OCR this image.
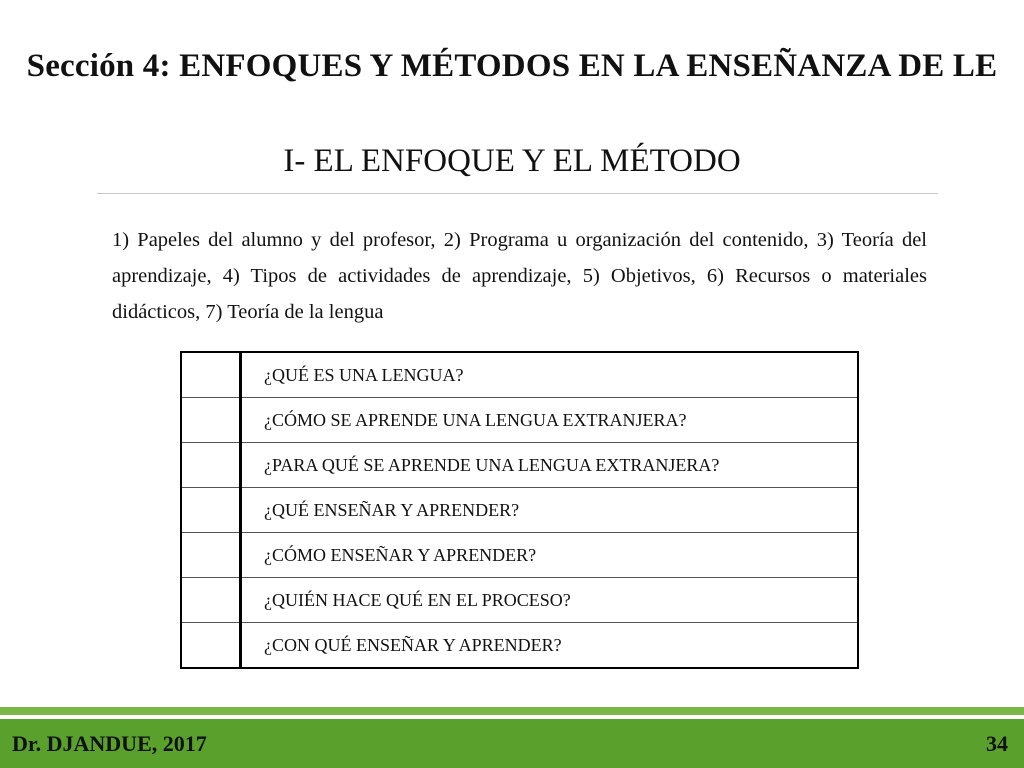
Sección 4: ENFOQUES Y MÉTODOS EN LA ENSEÑANZA DE LE
I- EL ENFOQUE Y EL MÉTODO

1) Papeles del alumno y del profesor, 2) Programa u organización del contenido, 3) Teoría del aprendizaje, 4) Tipos de actividades de aprendizaje, 5) Objetivos, 6) Recursos o materiales didácticos, 7) Teoría de la lengua

	¿QUÉ ES UNA LENGUA?
	¿CÓMO SE APRENDE UNA LENGUA EXTRANJERA?
	¿PARA QUÉ SE APRENDE UNA LENGUA EXTRANJERA?
	¿QUÉ ENSEÑAR Y APRENDER?
	¿CÓMO ENSEÑAR Y APRENDER?
	¿QUIÉN HACE QUÉ EN EL PROCESO?
	¿CON QUÉ ENSEÑAR Y APRENDER?
Dr. DJANDUE, 2017	34
